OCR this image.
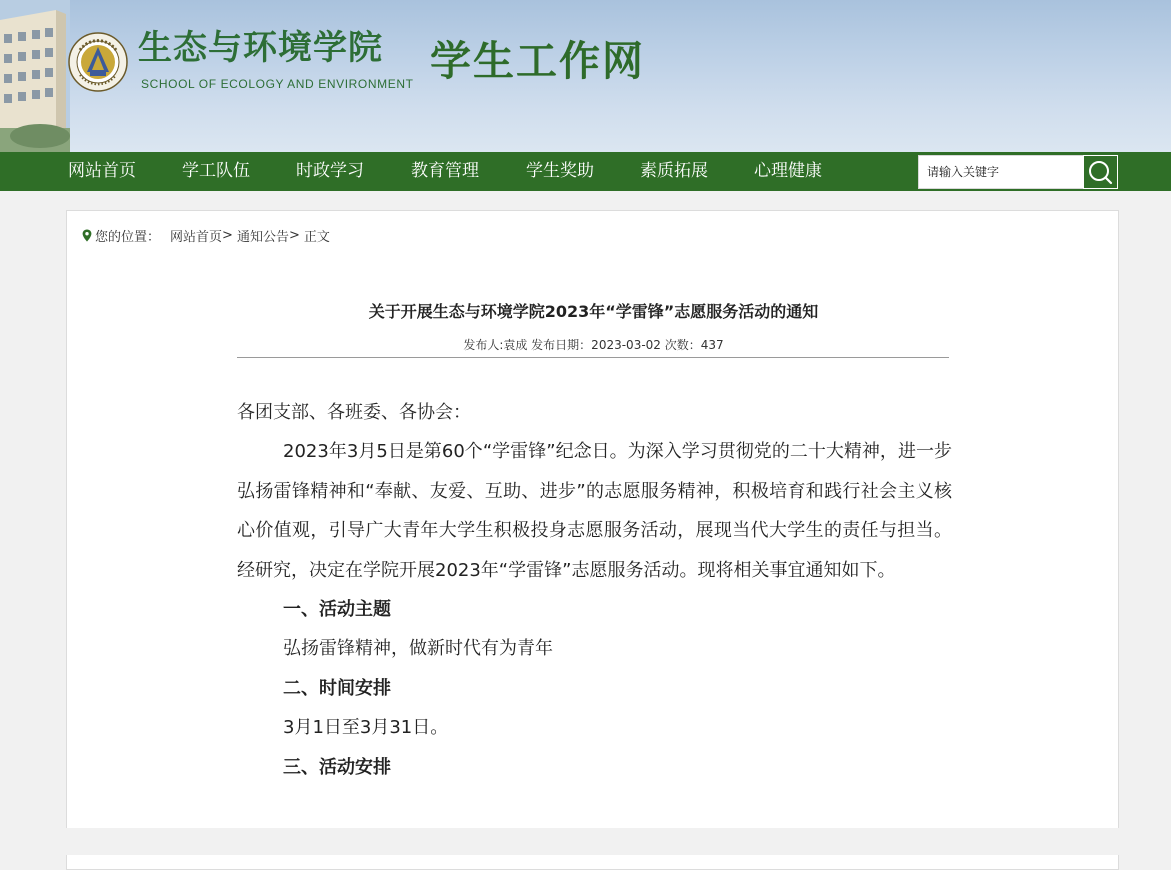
生态与环境学院
SCHOOL OF ECOLOGY AND ENVIRONMENT 学生工作网
网站首页	学工队伍	时政学习	教育管理	学生奖助	素质拓展	心理健康
请输入关键字
您的位置： 网站首页 > 通知公告 > 正文
关于开展生态与环境学院2023年“学雷锋”志愿服务活动的通知
发布人:袁成 发布日期：2023-03-02 次数：437

各团支部、各班委、各协会：

2023年3月5日是第60个“学雷锋”纪念日。为深入学习贯彻党的二十大精神，进一步弘扬雷锋精神和“奉献、友爱、互助、进步”的志愿服务精神，积极培育和践行社会主义核心价值观，引导广大青年大学生积极投身志愿服务活动，展现当代大学生的责任与担当。经研究，决定在学院开展2023年“学雷锋”志愿服务活动。现将相关事宜通知如下。

一、活动主题

弘扬雷锋精神，做新时代有为青年

二、时间安排

3月1日至3月31日。

三、活动安排
